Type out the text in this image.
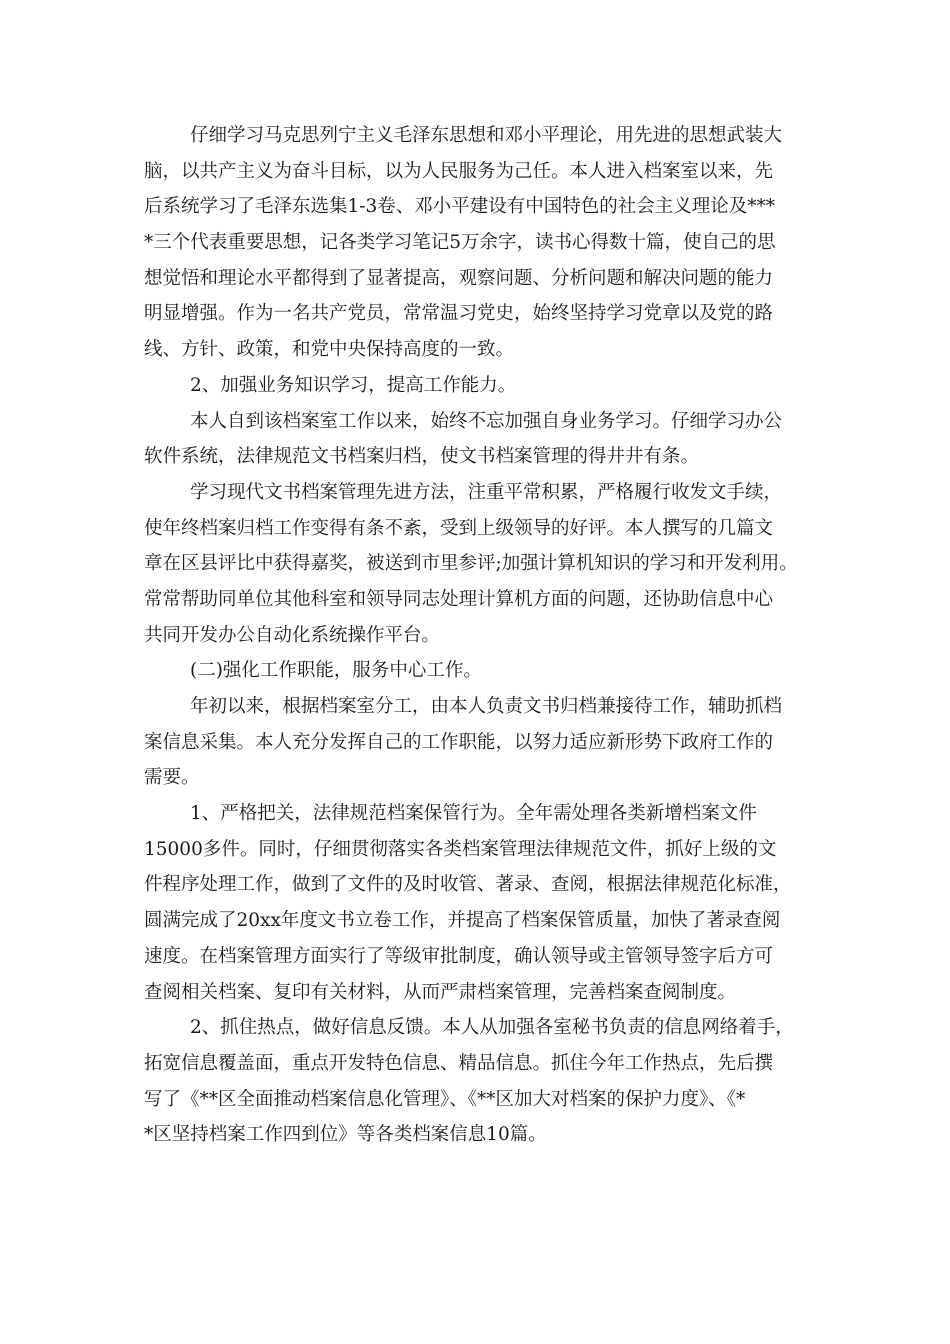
仔细学习马克思列宁主义毛泽东思想和邓小平理论，用先进的思想武装大
脑，以共产主义为奋斗目标，以为人民服务为己任。本人进入档案室以来，先
后系统学习了毛泽东选集1-3卷、邓小平建设有中国特色的社会主义理论及***
*三个代表重要思想，记各类学习笔记5万余字，读书心得数十篇，使自己的思
想觉悟和理论水平都得到了显著提高，观察问题、分析问题和解决问题的能力
明显增强。作为一名共产党员，常常温习党史，始终坚持学习党章以及党的路
线、方针、政策，和党中央保持高度的一致。
2、加强业务知识学习，提高工作能力。
本人自到该档案室工作以来，始终不忘加强自身业务学习。仔细学习办公
软件系统，法律规范文书档案归档，使文书档案管理的得井井有条。
学习现代文书档案管理先进方法，注重平常积累，严格履行收发文手续，
使年终档案归档工作变得有条不紊，受到上级领导的好评。本人撰写的几篇文
章在区县评比中获得嘉奖，被送到市里参评;加强计算机知识的学习和开发利用。
常常帮助同单位其他科室和领导同志处理计算机方面的问题，还协助信息中心
共同开发办公自动化系统操作平台。
(二)强化工作职能，服务中心工作。
年初以来，根据档案室分工，由本人负责文书归档兼接待工作，辅助抓档
案信息采集。本人充分发挥自己的工作职能，以努力适应新形势下政府工作的
需要。
1、严格把关，法律规范档案保管行为。全年需处理各类新增档案文件
15000多件。同时，仔细贯彻落实各类档案管理法律规范文件，抓好上级的文
件程序处理工作，做到了文件的及时收管、著录、查阅，根据法律规范化标准，
圆满完成了20xx年度文书立卷工作，并提高了档案保管质量，加快了著录查阅
速度。在档案管理方面实行了等级审批制度，确认领导或主管领导签字后方可
查阅相关档案、复印有关材料，从而严肃档案管理，完善档案查阅制度。
2、抓住热点，做好信息反馈。本人从加强各室秘书负责的信息网络着手，
拓宽信息覆盖面，重点开发特色信息、精品信息。抓住今年工作热点，先后撰
写了《**区全面推动档案信息化管理》、《**区加大对档案的保护力度》、《*
*区坚持档案工作四到位》等各类档案信息10篇。
